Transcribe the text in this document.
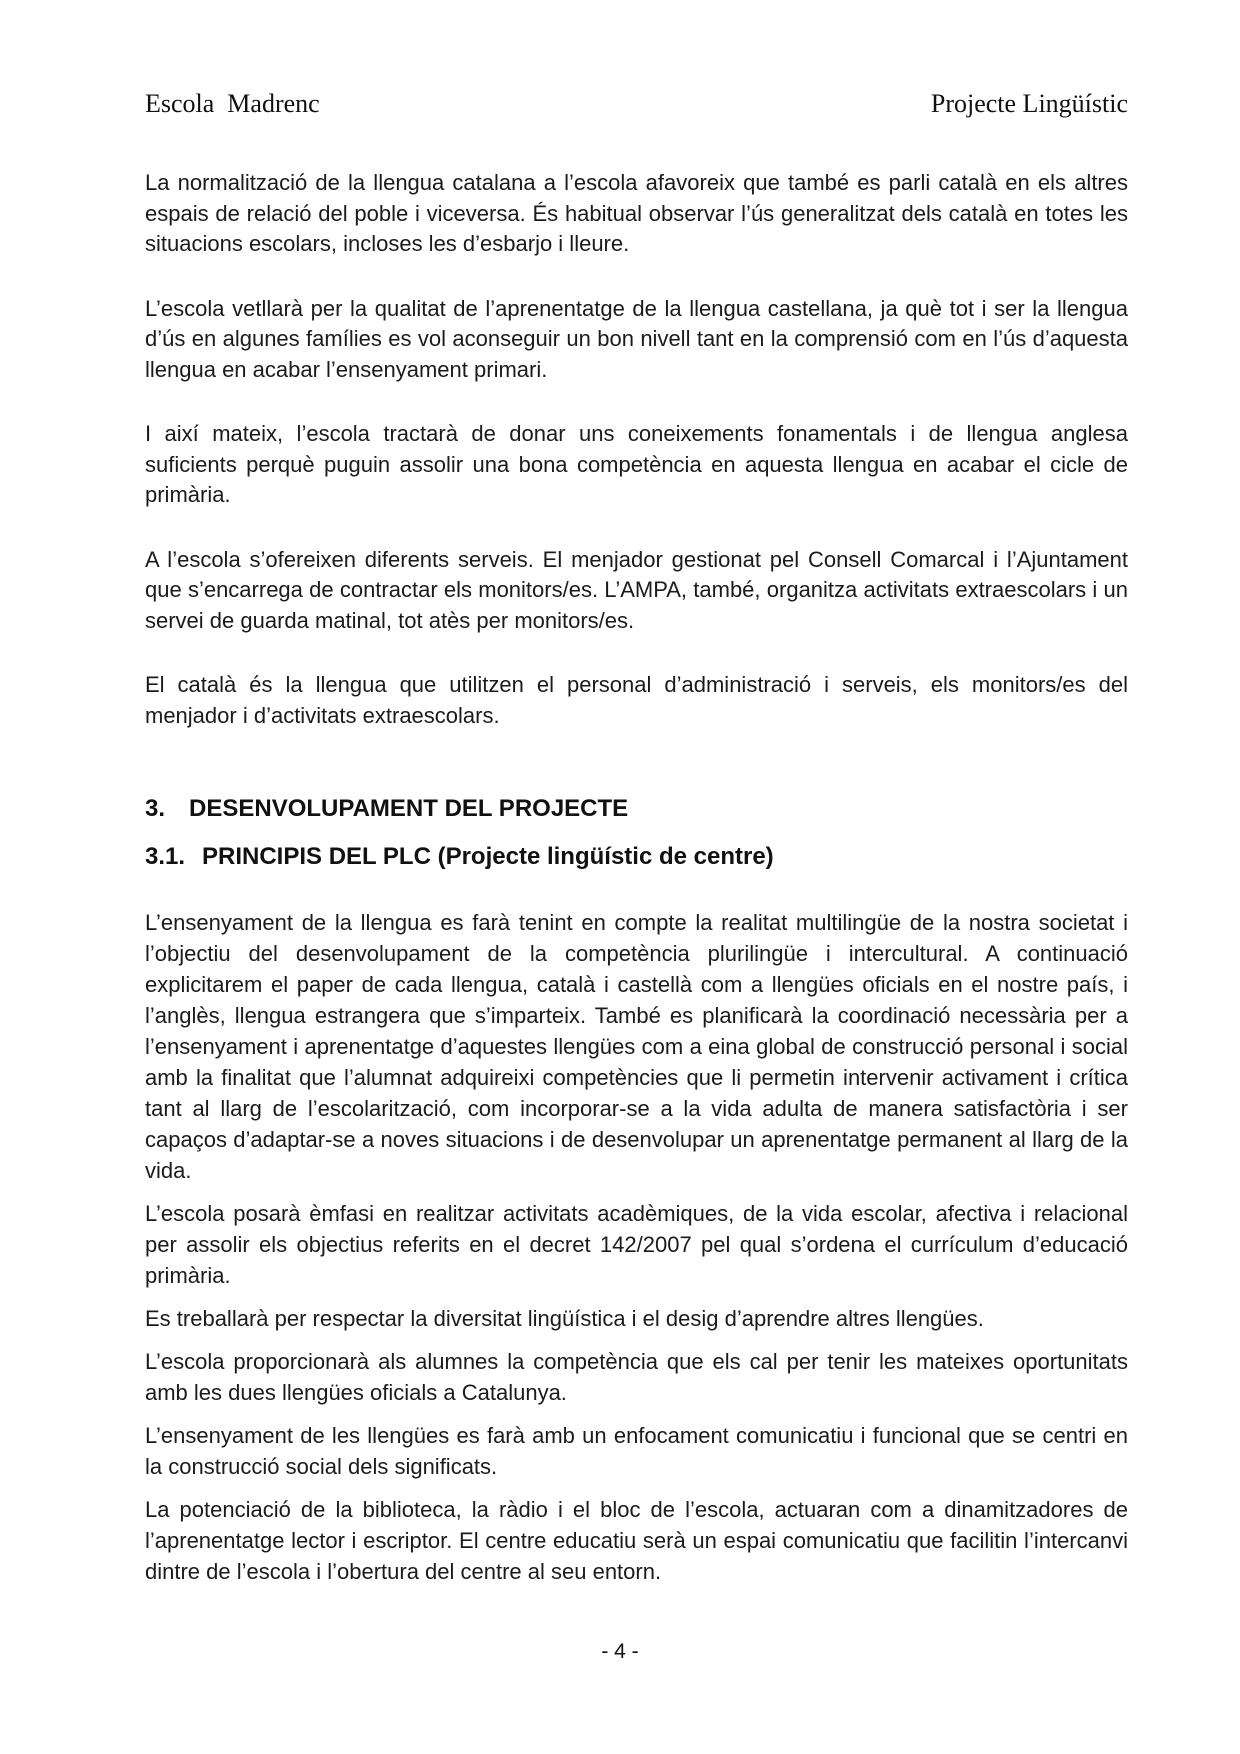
Escola  Madrenc	Projecte Lingüístic

La normalització de la llengua catalana a l’escola afavoreix que també es parli català en els altres espais de relació del poble i viceversa. És habitual observar l’ús generalitzat dels català en totes les situacions escolars, incloses les d’esbarjo i lleure.

L’escola vetllarà per la qualitat de l’aprenentatge de la llengua castellana, ja què tot i ser la llengua d’ús en algunes famílies es vol aconseguir un bon nivell tant en la comprensió com en l’ús d’aquesta llengua en acabar l’ensenyament primari.

I així mateix, l’escola tractarà de donar uns coneixements fonamentals i de llengua anglesa suficients perquè puguin assolir una bona competència en aquesta llengua en acabar el cicle de primària.

A l’escola s’ofereixen diferents serveis. El menjador gestionat pel Consell Comarcal i l’Ajuntament que s’encarrega de contractar els monitors/es. L’AMPA, també, organitza activitats extraescolars i un servei de guarda matinal, tot atès per monitors/es.

El català és la llengua que utilitzen el personal d’administració i serveis, els monitors/es del menjador i d’activitats extraescolars.

3. DESENVOLUPAMENT DEL PROJECTE
3.1. PRINCIPIS DEL PLC (Projecte lingüístic de centre)

L’ensenyament de la llengua es farà tenint en compte la realitat multilingüe de la nostra societat i l’objectiu del desenvolupament de la competència plurilingüe i intercultural. A continuació explicitarem el paper de cada llengua, català i castellà com a llengües oficials en el nostre país, i l’anglès, llengua estrangera que s’imparteix. També es planificarà la coordinació necessària per a l’ensenyament i aprenentatge d’aquestes llengües com a eina global de construcció personal i social amb la finalitat que l’alumnat adquireixi competències que li permetin intervenir activament i crítica tant al llarg de l’escolarització, com incorporar-se a la vida adulta de manera satisfactòria i ser capaços d’adaptar-se a noves situacions i de desenvolupar un aprenentatge permanent al llarg de la vida.

L’escola posarà èmfasi en realitzar activitats acadèmiques, de la vida escolar, afectiva i relacional per assolir els objectius referits en el decret 142/2007 pel qual s’ordena el currículum d’educació primària.

Es treballarà per respectar la diversitat lingüística i el desig d’aprendre altres llengües.

L’escola proporcionarà als alumnes la competència que els cal per tenir les mateixes oportunitats amb les dues llengües oficials a Catalunya.

L’ensenyament de les llengües es farà amb un enfocament comunicatiu i funcional que se centri en la construcció social dels significats.

La potenciació de la biblioteca, la ràdio i el bloc de l’escola, actuaran com a dinamitzadores de l’aprenentatge lector i escriptor. El centre educatiu serà un espai comunicatiu que facilitin l’intercanvi dintre de l’escola i l’obertura del centre al seu entorn.

- 4 -
